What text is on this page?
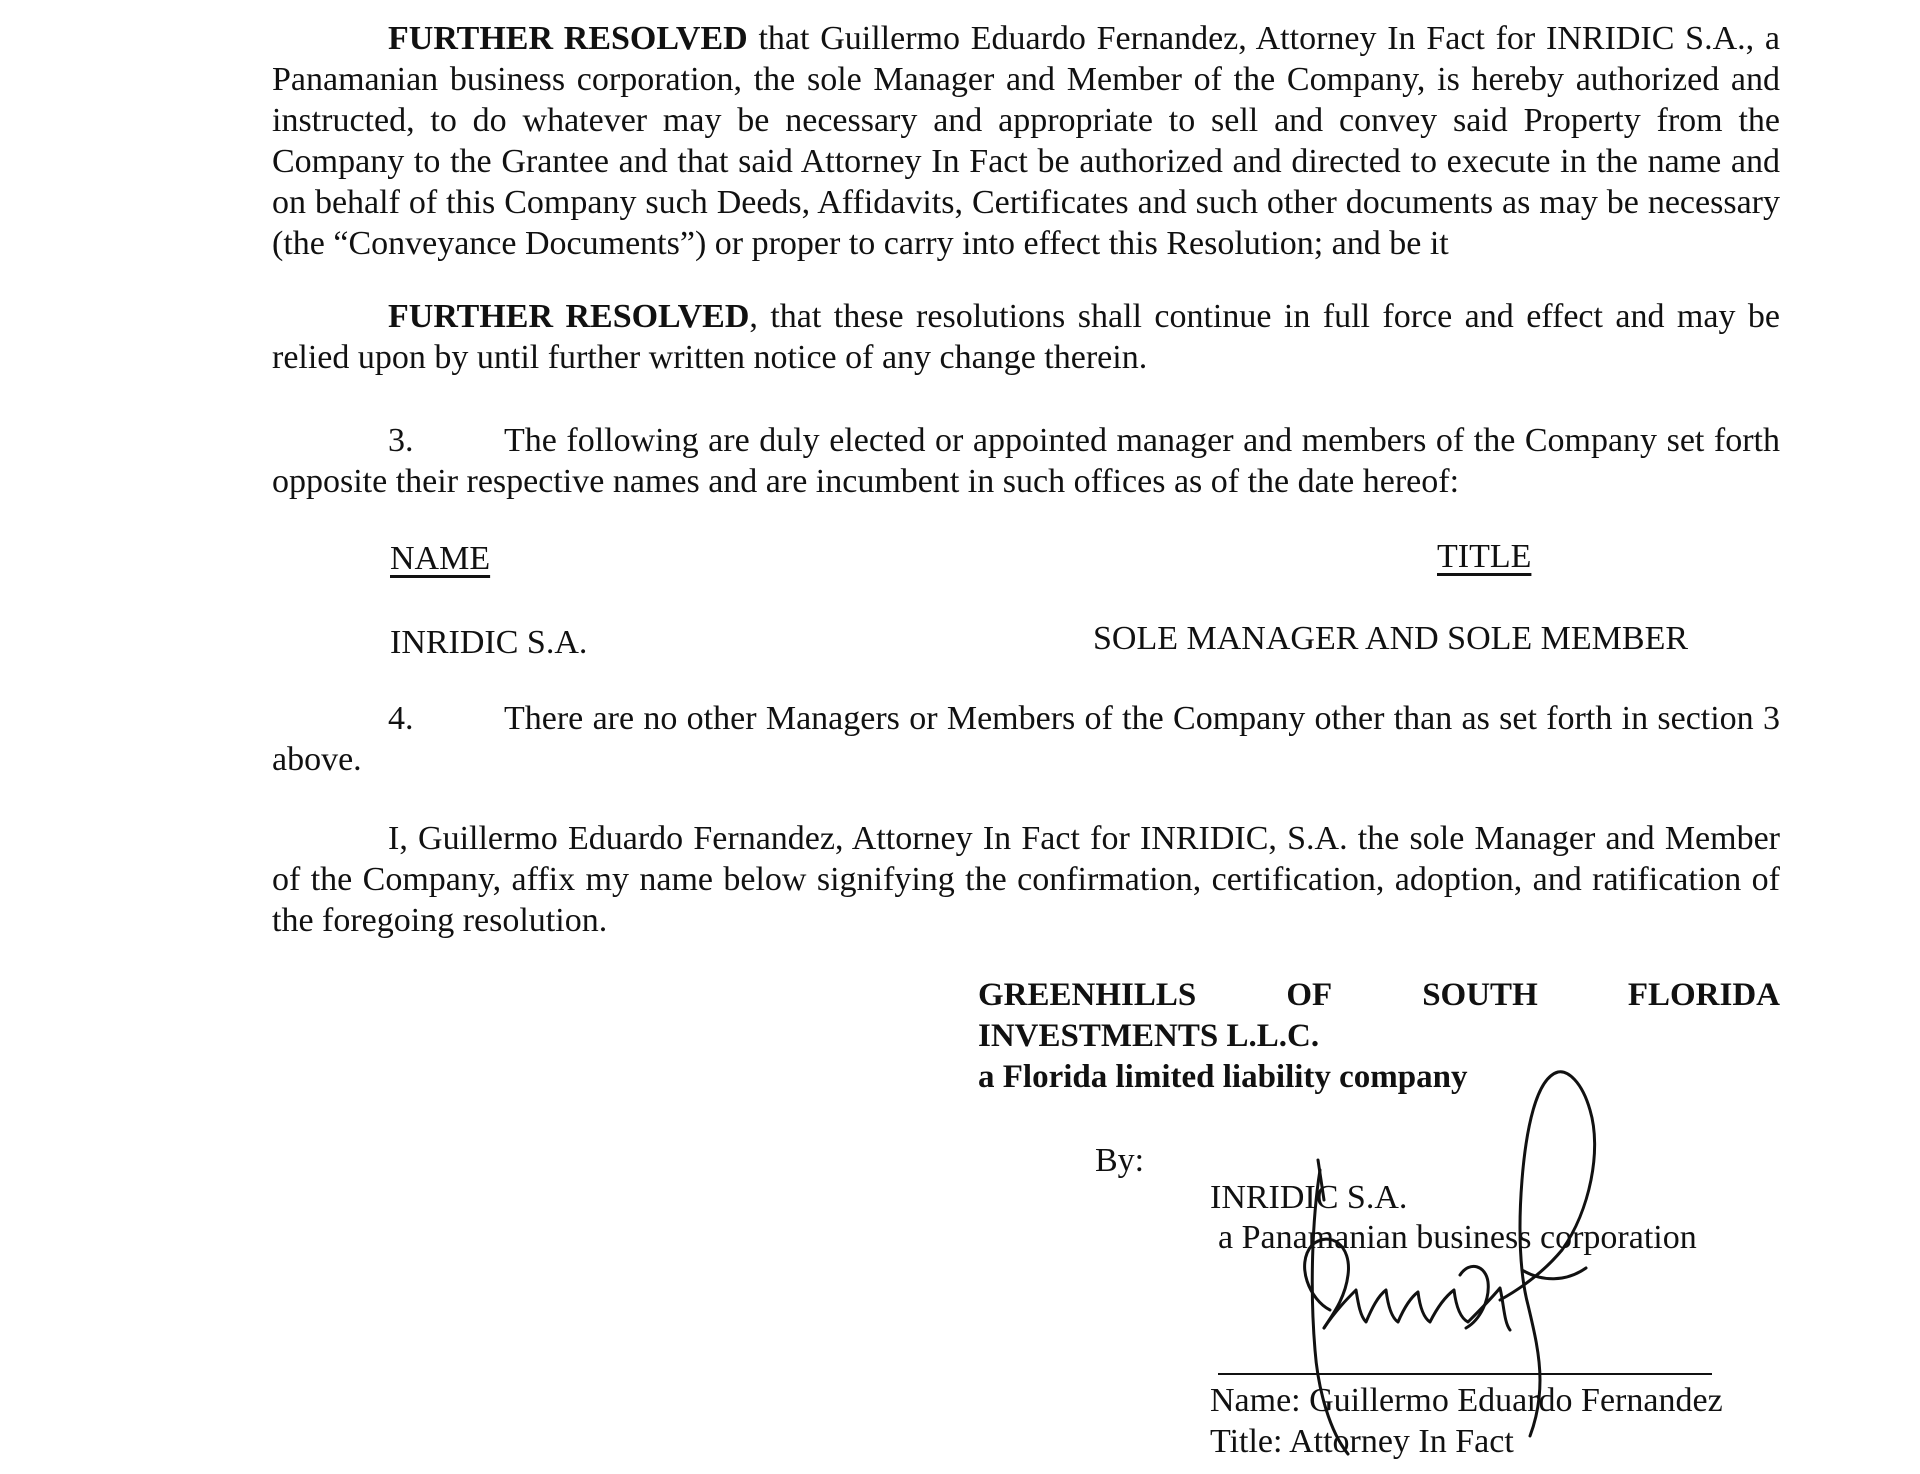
FURTHER RESOLVED that Guillermo Eduardo Fernandez, Attorney In Fact for INRIDIC S.A., a Panamanian business corporation, the sole Manager and Member of the Company, is hereby authorized and instructed, to do whatever may be necessary and appropriate to sell and convey said Property from the Company to the Grantee and that said Attorney In Fact be authorized and directed to execute in the name and on behalf of this Company such Deeds, Affidavits, Certificates and such other documents as may be necessary (the “Conveyance Documents”) or proper to carry into effect this Resolution; and be it

FURTHER RESOLVED, that these resolutions shall continue in full force and effect and may be relied upon by until further written notice of any change therein.

3.	The following are duly elected or appointed manager and members of the Company set forth opposite their respective names and are incumbent in such offices as of the date hereof:

NAME	TITLE
INRIDIC S.A.	SOLE MANAGER AND SOLE MEMBER

4.	There are no other Managers or Members of the Company other than as set forth in section 3 above.

I, Guillermo Eduardo Fernandez, Attorney In Fact for INRIDIC, S.A. the sole Manager and Member of the Company, affix my name below signifying the confirmation, certification, adoption, and ratification of the foregoing resolution.

GREENHILLS	OF	SOUTH	FLORIDA
INVESTMENTS L.L.C.
a Florida limited liability company
By:
INRIDIC S.A.
a Panamanian business corporation
Name: Guillermo Eduardo Fernandez
Title: Attorney In Fact
